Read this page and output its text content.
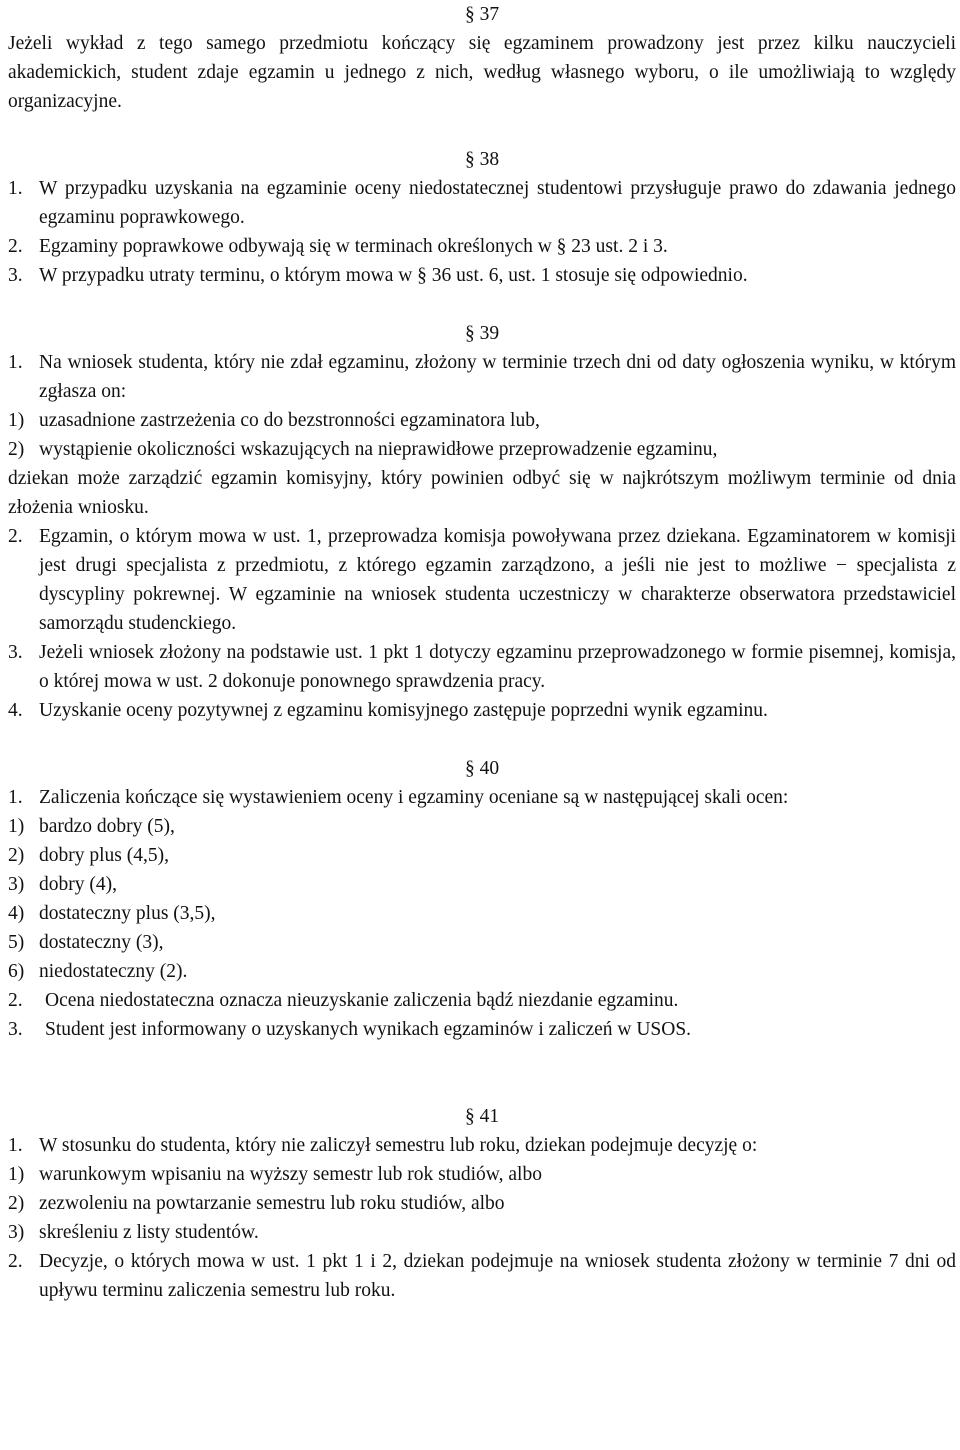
§ 37

Jeżeli wykład z tego samego przedmiotu kończący się egzaminem prowadzony jest przez kilku nauczycieli akademickich, student zdaje egzamin u jednego z nich, według własnego wyboru, o ile umożliwiają to względy organizacyjne.

§ 38
1. W przypadku uzyskania na egzaminie oceny niedostatecznej studentowi przysługuje prawo do zdawania jednego egzaminu poprawkowego.
2. Egzaminy poprawkowe odbywają się w terminach określonych w § 23 ust. 2 i 3.
3. W przypadku utraty terminu, o którym mowa w § 36 ust. 6, ust. 1 stosuje się odpowiednio.
§ 39
1. Na wniosek studenta, który nie zdał egzaminu, złożony w terminie trzech dni od daty ogłoszenia wyniku, w którym zgłasza on:
1) uzasadnione zastrzeżenia co do bezstronności egzaminatora lub,
2) wystąpienie okoliczności wskazujących na nieprawidłowe przeprowadzenie egzaminu,

dziekan może zarządzić egzamin komisyjny, który powinien odbyć się w najkrótszym możliwym terminie od dnia złożenia wniosku.

2. Egzamin, o którym mowa w ust. 1, przeprowadza komisja powoływana przez dziekana. Egzaminatorem w komisji jest drugi specjalista z przedmiotu, z którego egzamin zarządzono, a jeśli nie jest to możliwe − specjalista z dyscypliny pokrewnej. W egzaminie na wniosek studenta uczestniczy w charakterze obserwatora przedstawiciel samorządu studenckiego.
3. Jeżeli wniosek złożony na podstawie ust. 1 pkt 1 dotyczy egzaminu przeprowadzonego w formie pisemnej, komisja, o której mowa w ust. 2 dokonuje ponownego sprawdzenia pracy.
4. Uzyskanie oceny pozytywnej z egzaminu komisyjnego zastępuje poprzedni wynik egzaminu.
§ 40
1. Zaliczenia kończące się wystawieniem oceny i egzaminy oceniane są w następującej skali ocen:
1) bardzo dobry (5),
2) dobry plus (4,5),
3) dobry (4),
4) dostateczny plus (3,5),
5) dostateczny (3),
6) niedostateczny (2).
2.	Ocena niedostateczna oznacza nieuzyskanie zaliczenia bądź niezdanie egzaminu.
3.	Student jest informowany o uzyskanych wynikach egzaminów i zaliczeń w USOS.
§ 41
1. W stosunku do studenta, który nie zaliczył semestru lub roku, dziekan podejmuje decyzję o:
1) warunkowym wpisaniu na wyższy semestr lub rok studiów, albo
2) zezwoleniu na powtarzanie semestru lub roku studiów, albo
3) skreśleniu z listy studentów.
2. Decyzje, o których mowa w ust. 1 pkt 1 i 2, dziekan podejmuje na wniosek studenta złożony w terminie 7 dni od upływu terminu zaliczenia semestru lub roku.
